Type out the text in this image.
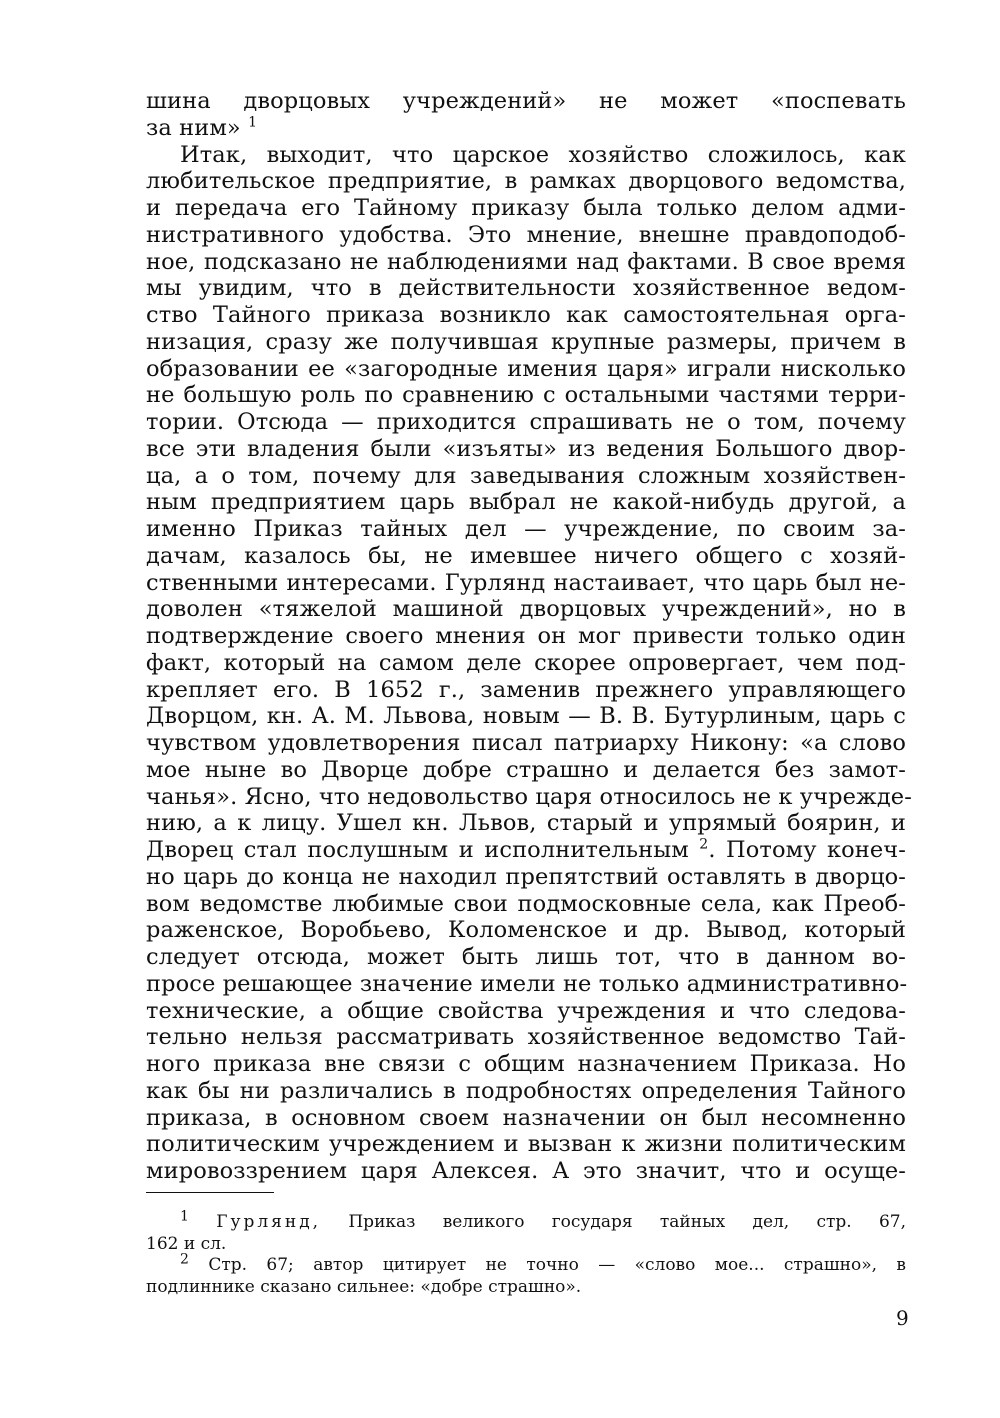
шина дворцовых учреждений» не может «поспевать
за ним» $^1$
Итак, выходит, что царское хозяйство сложилось, как
любительское предприятие, в рамках дворцового ведомства,
и передача его Тайному приказу была только делом адми-
нистративного удобства. Это мнение, внешне правдоподоб-
ное, подсказано не наблюдениями над фактами. В свое время
мы увидим, что в действительности хозяйственное ведом-
ство Тайного приказа возникло как самостоятельная орга-
низация, сразу же получившая крупные размеры, причем в
образовании ее «загородные имения царя» играли нисколько
не большую роль по сравнению с остальными частями терри-
тории. Отсюда — приходится спрашивать не о том, почему
все эти владения были «изъяты» из ведения Большого двор-
ца, а о том, почему для заведывания сложным хозяйствен-
ным предприятием царь выбрал не какой-нибудь другой, а
именно Приказ тайных дел — учреждение, по своим за-
дачам, казалось бы, не имевшее ничего общего с хозяй-
ственными интересами. Гурлянд настаивает, что царь был не-
доволен «тяжелой машиной дворцовых учреждений», но в
подтверждение своего мнения он мог привести только один
факт, который на самом деле скорее опровергает, чем под-
крепляет его. В 1652 г., заменив прежнего управляющего
Дворцом, кн. А. М. Львова, новым — В. В. Бутурлиным, царь с
чувством удовлетворения писал патриарху Никону: «а слово
мое ныне во Дворце добре страшно и делается без замот-
чанья». Ясно, что недовольство царя относилось не к учрежде-
нию, а к лицу. Ушел кн. Львов, старый и упрямый боярин, и
Дворец стал послушным и исполнительным $^2$. Потому конеч-
но царь до конца не находил препятствий оставлять в дворцо-
вом ведомстве любимые свои подмосковные села, как Преоб-
раженское, Воробьево, Коломенское и др. Вывод, который
следует отсюда, может быть лишь тот, что в данном во-
просе решающее значение имели не только административно-
технические, а общие свойства учреждения и что следова-
тельно нельзя рассматривать хозяйственное ведомство Тай-
ного приказа вне связи с общим назначением Приказа. Но
как бы ни различались в подробностях определения Тайного
приказа, в основном своем назначении он был несомненно
политическим учреждением и вызван к жизни политическим
мировоззрением царя Алексея. А это значит, что и осуще-
$^1$ Гурлянд, Приказ великого государя тайных дел, стр. 67,
162 и сл.
$^2$ Стр. 67; автор цитирует не точно — «слово мое... страшно», в
подлиннике сказано сильнее: «добре страшно».
9
